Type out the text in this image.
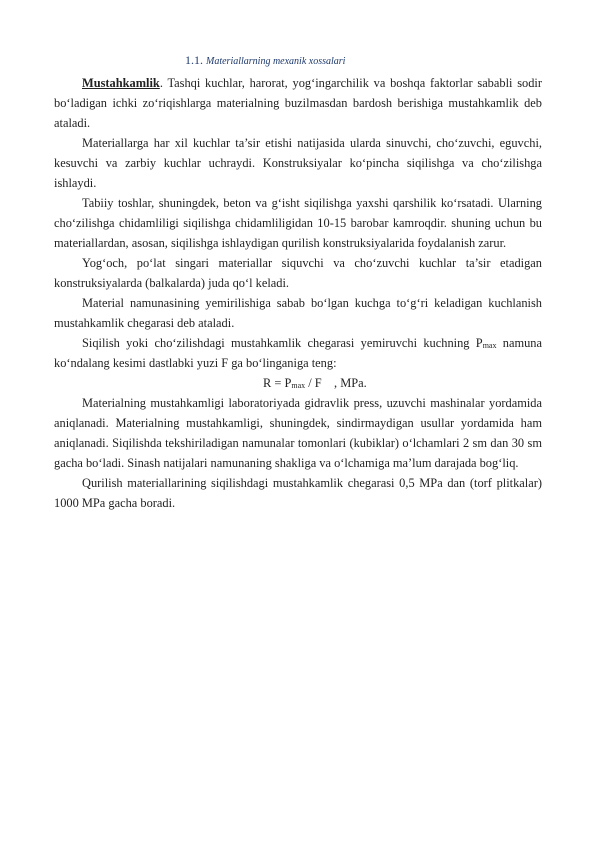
1.1. Materiallarning mexanik xossalari

Mustahkamlik. Tashqi kuchlar, harorat, yog‘ingarchilik va boshqa faktorlar sababli sodir bo‘ladigan ichki zo‘riqishlarga materialning buzilmasdan bardosh berishiga mustahkamlik deb ataladi.

Materiallarga har xil kuchlar ta’sir etishi natijasida ularda sinuvchi, cho‘zuvchi, eguvchi, kesuvchi va zarbiy kuchlar uchraydi. Konstruksiyalar ko‘pincha siqilishga va cho‘zilishga ishlaydi.

Tabiiy toshlar, shuningdek, beton va g‘isht siqilishga yaxshi qarshilik ko‘rsatadi. Ularning cho‘zilishga chidamliligi siqilishga chidamliligidan 10-15 barobar kamroqdir. shuning uchun bu materiallardan, asosan, siqilishga ishlaydigan qurilish konstruksiyalarida foydalanish zarur.

Yog‘och, po‘lat singari materiallar siquvchi va cho‘zuvchi kuchlar ta’sir etadigan konstruksiyalarda (balkalarda) juda qo‘l keladi.

Material namunasining yemirilishiga sabab bo‘lgan kuchga to‘g‘ri keladigan kuchlanish mustahkamlik chegarasi deb ataladi.

Siqilish yoki cho‘zilishdagi mustahkamlik chegarasi yemiruvchi kuchning $P_{max}$ namuna ko‘ndalang kesimi dastlabki yuzi F ga bo‘linganiga teng:

$R = P_{max} / F$    , MPa.

Materialning mustahkamligi laboratoriyada gidravlik press, uzuvchi mashinalar yordamida aniqlanadi. Materialning mustahkamligi, shuningdek, sindirmaydigan usullar yordamida ham aniqlanadi. Siqilishda tekshiriladigan namunalar tomonlari (kubiklar) o‘lchamlari 2 sm dan 30 sm gacha bo‘ladi. Sinash natijalari namunaning shakliga va o‘lchamiga ma’lum darajada bog‘liq.

Qurilish materiallarining siqilishdagi mustahkamlik chegarasi 0,5 MPa dan (torf plitkalar) 1000 MPa gacha boradi.
